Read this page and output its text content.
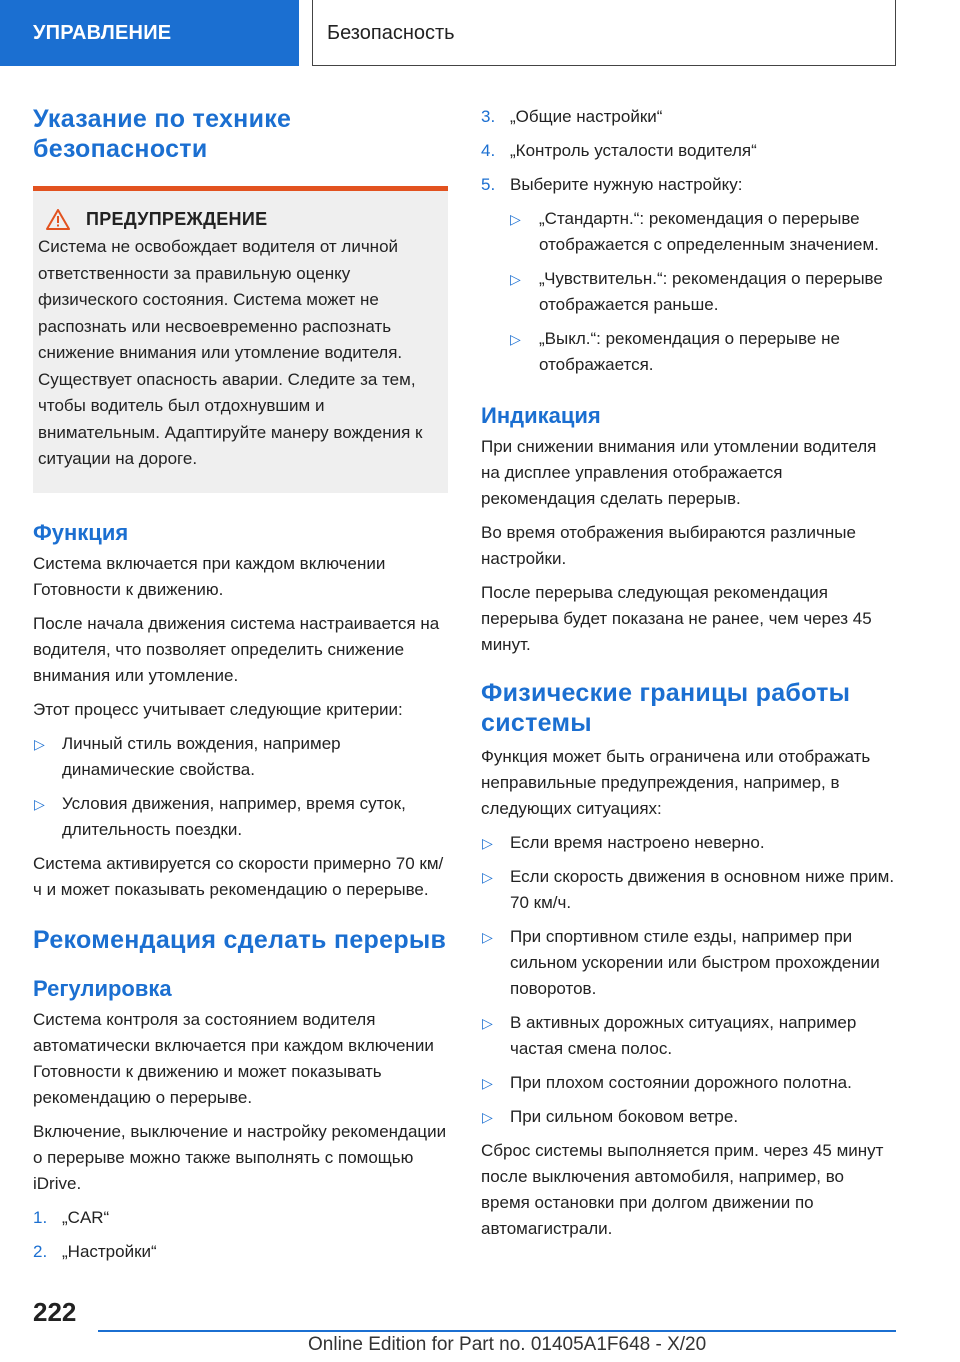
УПРАВЛЕНИЕ	Безопасность
Указание по технике безопасности
ПРЕДУПРЕЖДЕНИЕ

Система не освобождает водителя от личной ответственности за правильную оценку физического состояния. Система может не распознать или несвоевременно распознать снижение внимания или утомление водителя. Существует опасность аварии. Следите за тем, чтобы водитель был отдохнувшим и внимательным. Адаптируйте манеру вождения к ситуации на дороге.

Функция

Система включается при каждом включении Готовности к движению.

После начала движения система настраивается на водителя, что позволяет определить снижение внимания или утомление.

Этот процесс учитывает следующие критерии:

▷ Личный стиль вождения, например динамические свойства.
▷ Условия движения, например, время суток, длительность поездки.

Система активируется со скорости примерно 70 км/ч и может показывать рекомендацию о перерыве.

Рекомендация сделать перерыв
Регулировка

Система контроля за состоянием водителя автоматически включается при каждом включении Готовности к движению и может показывать рекомендацию о перерыве.

Включение, выключение и настройку рекомендации о перерыве можно также выполнять с помощью iDrive.

1. „CAR“
2. „Настройки“
3. „Общие настройки“
4. „Контроль усталости водителя“
5. Выберите нужную настройку:
▷ „Стандартн.“: рекомендация о перерыве отображается с определенным значением.
▷ „Чувствительн.“: рекомендация о перерыве отображается раньше.
▷ „Выкл.“: рекомендация о перерыве не отображается.
Индикация

При снижении внимания или утомлении водителя на дисплее управления отображается рекомендация сделать перерыв.

Во время отображения выбираются различные настройки.

После перерыва следующая рекомендация перерыва будет показана не ранее, чем через 45 минут.

Физические границы работы системы

Функция может быть ограничена или отображать неправильные предупреждения, например, в следующих ситуациях:

▷ Если время настроено неверно.
▷ Если скорость движения в основном ниже прим. 70 км/ч.
▷ При спортивном стиле езды, например при сильном ускорении или быстром прохождении поворотов.
▷ В активных дорожных ситуациях, например частая смена полос.
▷ При плохом состоянии дорожного полотна.
▷ При сильном боковом ветре.

Сброс системы выполняется прим. через 45 минут после выключения автомобиля, например, во время остановки при долгом движении по автомагистрали.

222
Online Edition for Part no. 01405A1F648 - X/20
